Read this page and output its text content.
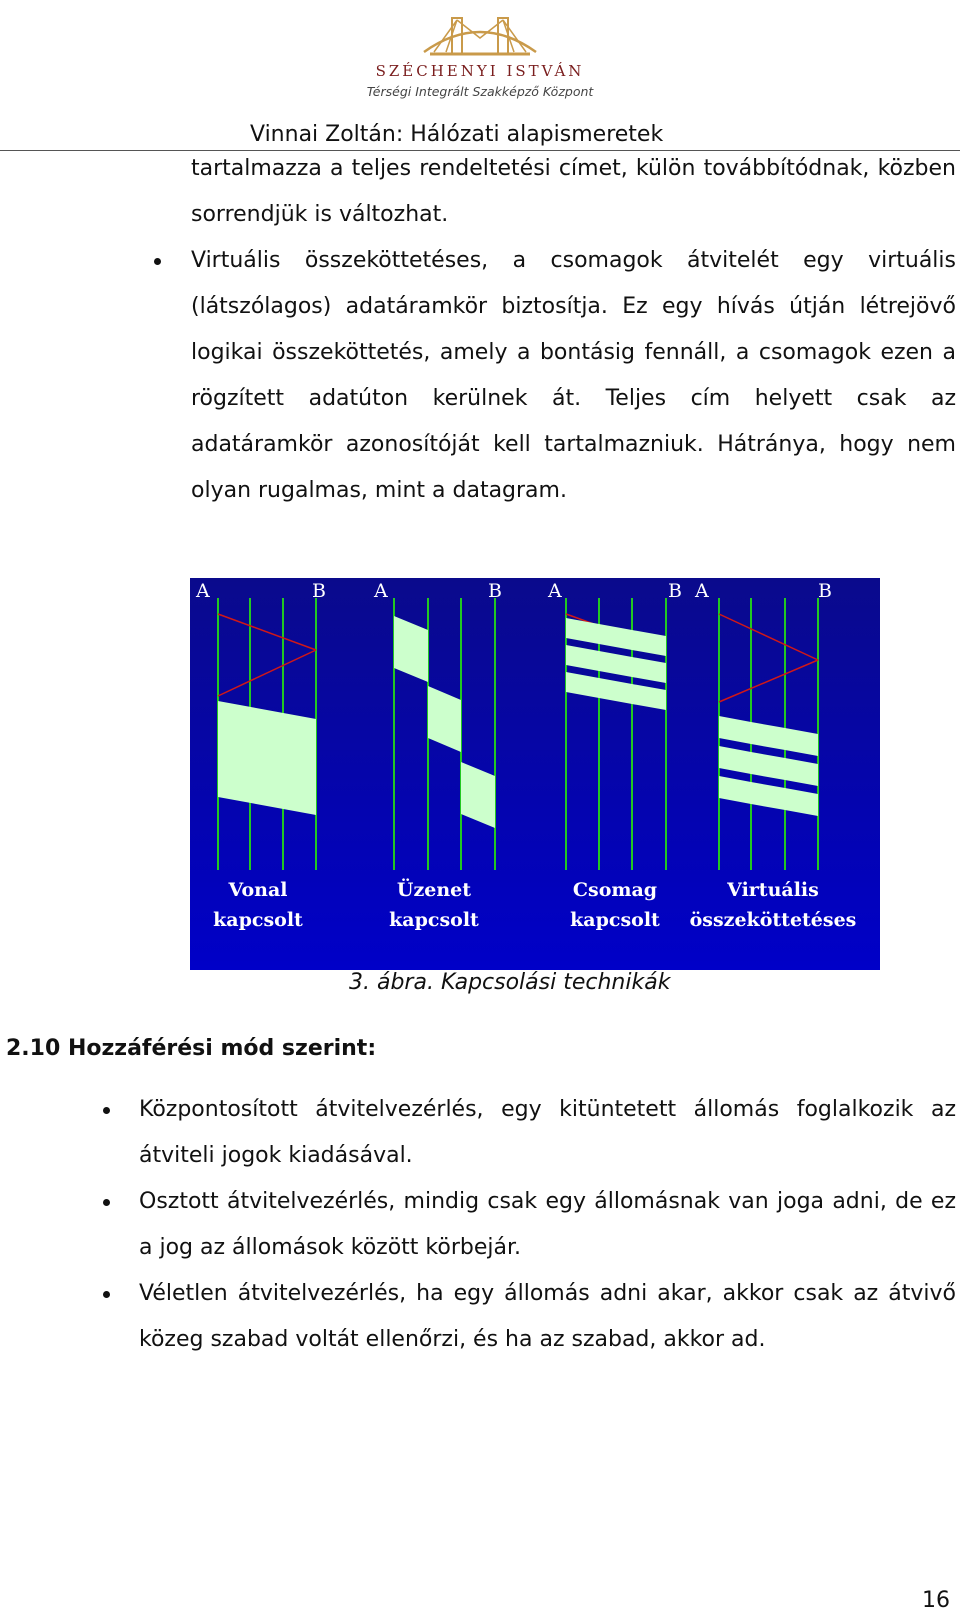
SZÉCHENYI ISTVÁN
Térségi Integrált Szakképző Központ
Vinnai Zoltán: Hálózati alapismeretek
tartalmazza a teljes rendeltetési címet, külön továbbítódnak, közben sorrendjük is változhat.
Virtuális összeköttetéses, a csomagok átvitelét egy virtuális (látszólagos) adatáramkör biztosítja. Ez egy hívás útján létrejövő logikai összeköttetés, amely a bontásig fennáll, a csomagok ezen a rögzített adatúton kerülnek át. Teljes cím helyett csak az adatáramkör azonosítóját kell tartalmazniuk. Hátránya, hogy nem olyan rugalmas, mint a datagram.
A	B	A	B A	B A	B
Vonal
kapcsolt
Üzenet
kapcsolt
Csomag
kapcsolt
Virtuális
összeköttetéses
3. ábra. Kapcsolási technikák
2.10 Hozzáférési mód szerint:
Központosított átvitelvezérlés, egy kitüntetett állomás foglalkozik az átviteli jogok kiadásával.
Osztott átvitelvezérlés, mindig csak egy állomásnak van joga adni, de ez a jog az állomások között körbejár.
Véletlen átvitelvezérlés, ha egy állomás adni akar, akkor csak az átvivő közeg szabad voltát ellenőrzi, és ha az szabad, akkor ad.
16
